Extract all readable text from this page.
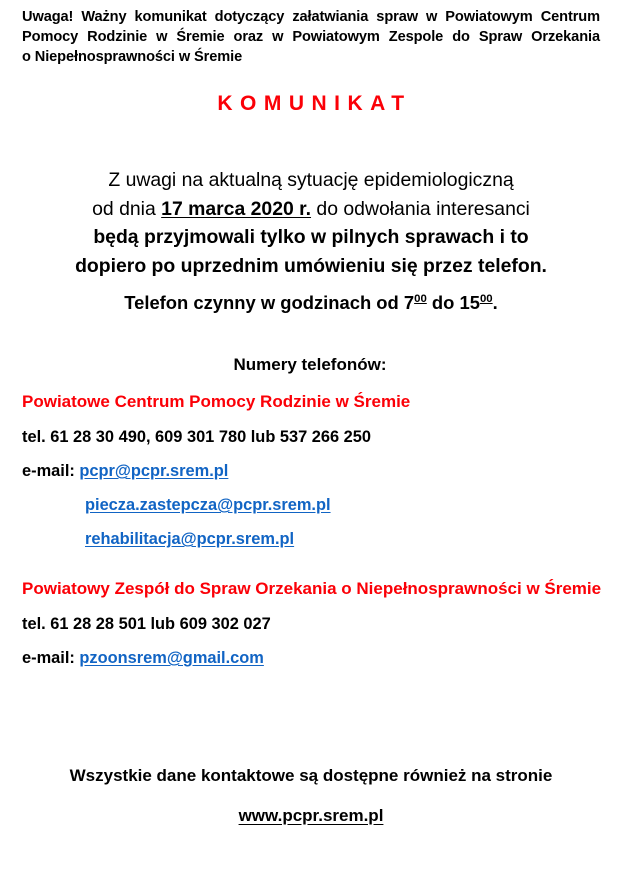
Uwaga! Ważny komunikat dotyczący załatwiania spraw w Powiatowym Centrum
Pomocy Rodzinie w Śremie oraz w Powiatowym Zespole do Spraw Orzekania
o Niepełnosprawności w Śremie
KOMUNIKAT
Z uwagi na aktualną sytuację epidemiologiczną
od dnia 17 marca 2020 r. do odwołania interesanci
będą przyjmowali tylko w pilnych sprawach i to
dopiero po uprzednim umówieniu się przez telefon.
Telefon czynny w godzinach od $7^{00}$ do $15^{00}$.
Numery telefonów:
Powiatowe Centrum Pomocy Rodzinie w Śremie
tel. 61 28 30 490, 609 301 780 lub 537 266 250
e-mail: pcpr@pcpr.srem.pl
piecza.zastepcza@pcpr.srem.pl
rehabilitacja@pcpr.srem.pl
Powiatowy Zespół do Spraw Orzekania o Niepełnosprawności w Śremie
tel. 61 28 28 501 lub 609 302 027
e-mail: pzoonsrem@gmail.com
Wszystkie dane kontaktowe są dostępne również na stronie
www.pcpr.srem.pl
